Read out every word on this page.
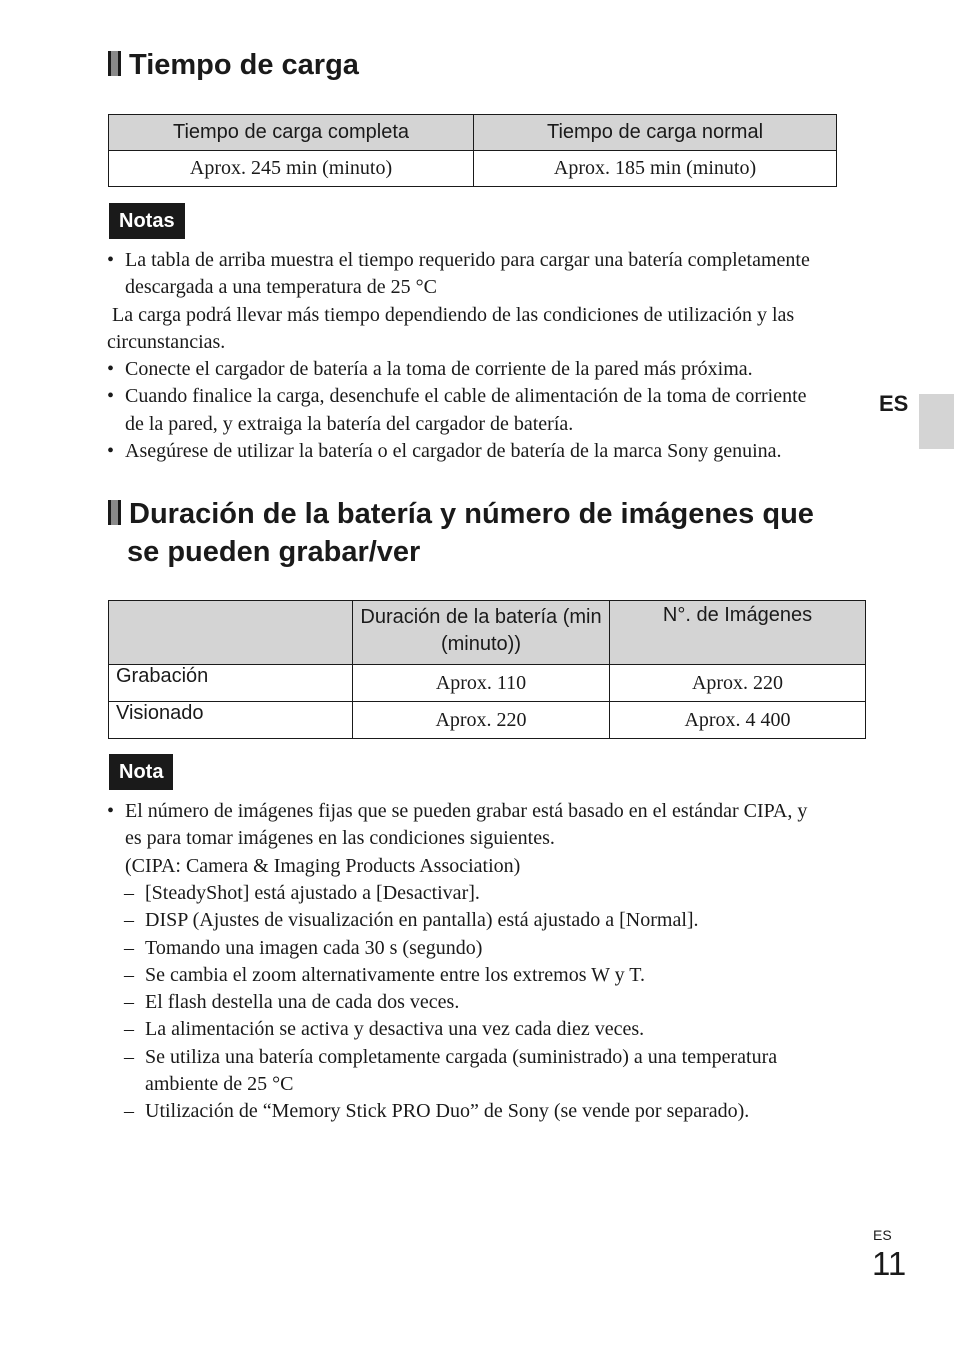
Tiempo de carga
Tiempo de carga completa	Tiempo de carga normal
Aprox. 245 min (minuto)	Aprox. 185 min (minuto)
Notas
• La tabla de arriba muestra el tiempo requerido para cargar una batería completamente descargada a una temperatura de 25 °C
La carga podrá llevar más tiempo dependiendo de las condiciones de utilización y las circunstancias.
• Conecte el cargador de batería a la toma de corriente de la pared más próxima.
• Cuando finalice la carga, desenchufe el cable de alimentación de la toma de corriente de la pared, y extraiga la batería del cargador de batería.
• Asegúrese de utilizar la batería o el cargador de batería de la marca Sony genuina.
ES
Duración de la batería y número de imágenes que
se pueden grabar/ver
	Duración de la batería (min (minuto))	N°. de Imágenes
Grabación	Aprox. 110	Aprox. 220
Visionado	Aprox. 220	Aprox. 4 400
Nota
• El número de imágenes fijas que se pueden grabar está basado en el estándar CIPA, y es para tomar imágenes en las condiciones siguientes.
(CIPA: Camera & Imaging Products Association)
– [SteadyShot] está ajustado a [Desactivar].
– DISP (Ajustes de visualización en pantalla) está ajustado a [Normal].
– Tomando una imagen cada 30 s (segundo)
– Se cambia el zoom alternativamente entre los extremos W y T.
– El flash destella una de cada dos veces.
– La alimentación se activa y desactiva una vez cada diez veces.
– Se utiliza una batería completamente cargada (suministrado) a una temperatura ambiente de 25 °C
– Utilización de “Memory Stick PRO Duo” de Sony (se vende por separado).
ES
11
